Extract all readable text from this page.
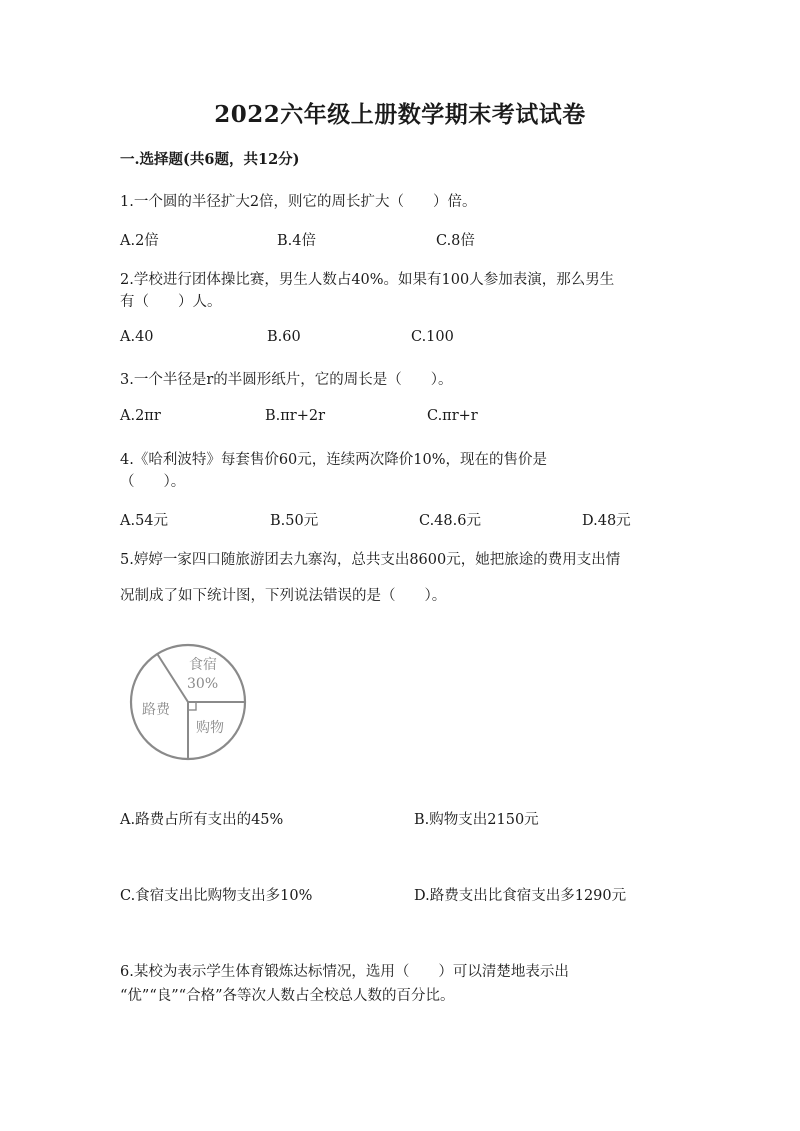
2022六年级上册数学期末考试试卷
一.选择题(共6题，共12分)
1.一个圆的半径扩大2倍，则它的周长扩大（　　）倍。
A.2倍	B.4倍	C.8倍
2.学校进行团体操比赛，男生人数占40%。如果有100人参加表演，那么男生
有（　　）人。
A.40	B.60	C.100
3.一个半径是r的半圆形纸片，它的周长是（　　）。
A.2πr	B.πr+2r	C.πr+r
4.《哈利波特》每套售价60元，连续两次降价10%，现在的售价是
（　　）。
A.54元	B.50元	C.48.6元	D.48元
5.婷婷一家四口随旅游团去九寨沟，总共支出8600元，她把旅途的费用支出情
况制成了如下统计图，下列说法错误的是（　　）。
食宿
30%
路费
购物
A.路费占所有支出的45%	B.购物支出2150元
C.食宿支出比购物支出多10%	D.路费支出比食宿支出多1290元
6.某校为表示学生体育锻炼达标情况，选用（　　）可以清楚地表示出
“优”“良”“合格”各等次人数占全校总人数的百分比。
